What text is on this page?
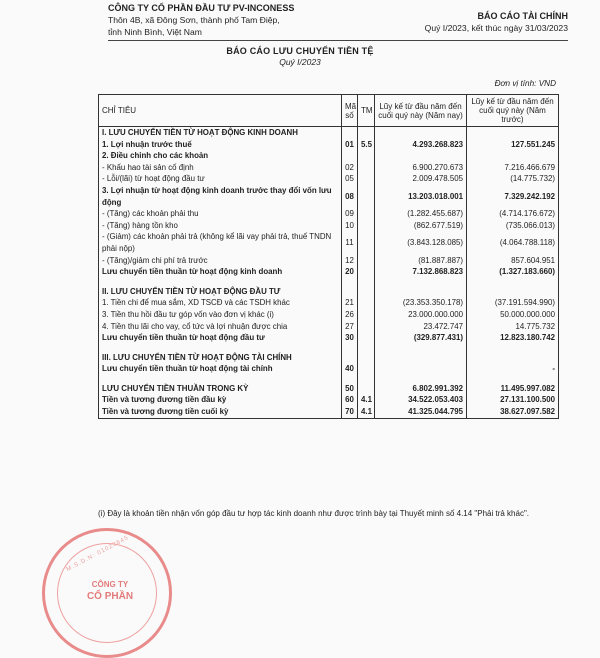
CÔNG TY CỔ PHẦN ĐẦU TƯ PV-INCONESS
Thôn 4B, xã Đông Sơn, thành phố Tam Điệp,
tỉnh Ninh Bình, Việt Nam
BÁO CÁO TÀI CHÍNH
Quý I/2023, kết thúc ngày 31/03/2023
BÁO CÁO LƯU CHUYỂN TIỀN TỆ
Quý I/2023
Đơn vị tính: VND
CHỈ TIÊU	Mã số	TM	Lũy kế từ đầu năm đến cuối quý này (Năm nay)	Lũy kế từ đầu năm đến cuối quý này (Năm trước)
I. LƯU CHUYỂN TIỀN TỪ HOẠT ĐỘNG KINH DOANH				
1. Lợi nhuận trước thuế	01	5.5	4.293.268.823	127.551.245
2. Điều chỉnh cho các khoản				
- Khấu hao tài sản cố định	02		6.900.270.673	7.216.466.679
- Lỗi/(lãi) từ hoạt động đầu tư	05		2.009.478.505	(14.775.732)
3. Lợi nhuận từ hoạt động kinh doanh trước thay đổi vốn lưu động	08		13.203.018.001	7.329.242.192
- (Tăng) các khoản phải thu	09		(1.282.455.687)	(4.714.176.672)
- (Tăng) hàng tồn kho	10		(862.677.519)	(735.066.013)
- (Giảm) các khoản phải trả (không kể lãi vay phải trả, thuế TNDN phải nộp)	11		(3.843.128.085)	(4.064.788.118)
- (Tăng)/giảm chi phí trả trước	12		(81.887.887)	857.604.951
Lưu chuyển tiền thuần từ hoạt động kinh doanh	20		7.132.868.823	(1.327.183.660)

II. LƯU CHUYỂN TIỀN TỪ HOẠT ĐỘNG ĐẦU TƯ				
1. Tiền chi để mua sắm, XD TSCĐ và các TSDH khác	21		(23.353.350.178)	(37.191.594.990)
3. Tiền thu hồi đầu tư góp vốn vào đơn vị khác (i)	26		23.000.000.000	50.000.000.000
4. Tiền thu lãi cho vay, cổ tức và lợi nhuận được chia	27		23.472.747	14.775.732
Lưu chuyển tiền thuần từ hoạt động đầu tư	30		(329.877.431)	12.823.180.742

III. LƯU CHUYỂN TIỀN TỪ HOẠT ĐỘNG TÀI CHÍNH				
Lưu chuyển tiền thuần từ hoạt động tài chính	40			-

LƯU CHUYỂN TIỀN THUẦN TRONG KỲ	50		6.802.991.392	11.495.997.082
Tiền và tương đương tiền đầu kỳ	60	4.1	34.522.053.403	27.131.100.500
Tiền và tương đương tiền cuối kỳ	70	4.1	41.325.044.795	38.627.097.582
(i) Đây là khoản tiền nhận vốn góp đầu tư hợp tác kinh doanh như được trình bày tại Thuyết minh số 4.14 "Phải trả khác".
M.S.D.N: 01023645
CÔNG TY
CỔ PHẦN
